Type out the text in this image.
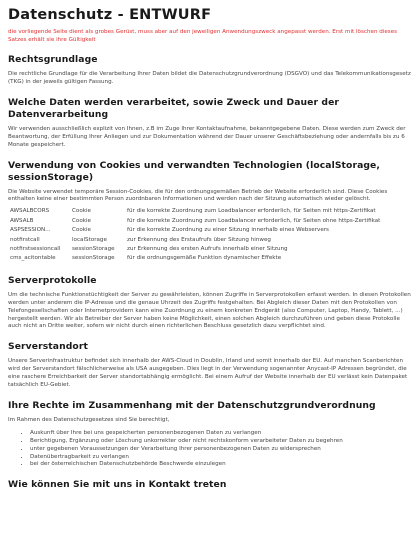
Datenschutz - ENTWURF
die vorliegende Seite dient als grobes Gerüst, muss aber auf den jeweiligen Anwendungszweck angepasst werden. Erst mit löschen dieses Satzes erhält sie ihre Gültigkeit
Rechtsgrundlage

Die rechtliche Grundlage für die Verarbeitung Ihrer Daten bildet die Datenschutzgrundverordnung (DSGVO) und das Telekommunikationsgesetz (TKG) in der jeweils gültigen Fassung.

Welche Daten werden verarbeitet, sowie Zweck und Dauer der Datenverarbeitung

Wir verwenden ausschließlich explizit von Ihnen, z.B im Zuge Ihrer Kontaktaufnahme, bekanntgegebene Daten. Diese werden zum Zweck der Beantwortung, der Erfüllung Ihrer Anliegen und zur Dokumentation während der Dauer unserer Geschäftsbeziehung oder andernfalls bis zu 6 Monate gespeichert.

Verwendung von Cookies und verwandten Technologien (localStorage, sessionStorage)

Die Website verwendet temporäre Session-Cookies, die für den ordnungsgemäßen Betrieb der Website erforderlich sind. Diese Cookies enthalten keine einer bestimmten Person zuordnbaren Informationen und werden nach der Sitzung automatisch wieder gelöscht.

AWSALBCORS	Cookie	für die korrekte Zuordnung zum Loadbalancer erforderlich, für Seiten mit https-Zertifikat
AWSALB	Cookie	für die korrekte Zuordnung zum Loadbalancer erforderlich, für Seiten ohne https-Zertifikat
ASPSESSION...	Cookie	für die korrekte Zuordnung zu einer Sitzung innerhalb eines Webservers
notfirstcall	localStorage	zur Erkennung des Erstaufrufs über Sitzung hinweg
notfirstsessioncall	sessionStorage	zur Erkennung des ersten Aufrufs innerhalb einer Sitzung
cms_acitontable	sessionStorage	für die ordnungsgemäße Funktion dynamischer Effekte
Serverprotokolle

Um die technische Funktionstüchtigkeit der Server zu gewährleisten, können Zugriffe in Serverprotokollen erfasst werden. In diesen Protokollen werden unter anderem die IP-Adresse und die genaue Uhrzeit des Zugriffs festgehalten. Bei Abgleich dieser Daten mit den Protokollen von Telefongesellschaften oder Internetprovidern kann eine Zuordnung zu einem konkreten Endgerät (also Computer, Laptop, Handy, Tablett, ...) hergestellt werden. Wir als Betreiber der Server haben keine Möglichkeit, einen solchen Abgleich durchzuführen und geben diese Protokolle auch nicht an Dritte weiter, sofern wir nicht durch einen richterlichen Beschluss gesetzlich dazu verpflichtet sind.

Serverstandort

Unsere Serverinfrastruktur befindet sich innerhalb der AWS-Cloud in Doublin, Irland und somit innerhalb der EU. Auf manchen Scanberichten wird der Serverstandort fälschlicherweise als USA ausgegeben. Dies liegt in der Verwendung sogenannter Anycast-IP Adressen begründet, die eine raschere Erreichbarkeit der Server standortabhängig ermöglicht. Bei einem Aufruf der Website innerhalb der EU verlässt kein Datenpaket tatsächlich EU-Gebiet.

Ihre Rechte im Zusammenhang mit der Datenschutzgrundverordnung

Im Rahmen des Datenschutzgesetzes sind Sie berechtigt,

• Auskunft über Ihre bei uns gespeicherten personenbezogenen Daten zu verlangen
• Berichtigung, Ergänzung oder Löschung unkorrekter oder nicht rechtskonform verarbeiteter Daten zu begehren
• unter gegebenen Voraussetzungen der Verarbeitung Ihrer personenbezogenen Daten zu widersprechen
• Datenübertragbarkeit zu verlangen
• bei der österreichischen Datenschutzbehörde Beschwerde einzulegen
Wie können Sie mit uns in Kontakt treten
